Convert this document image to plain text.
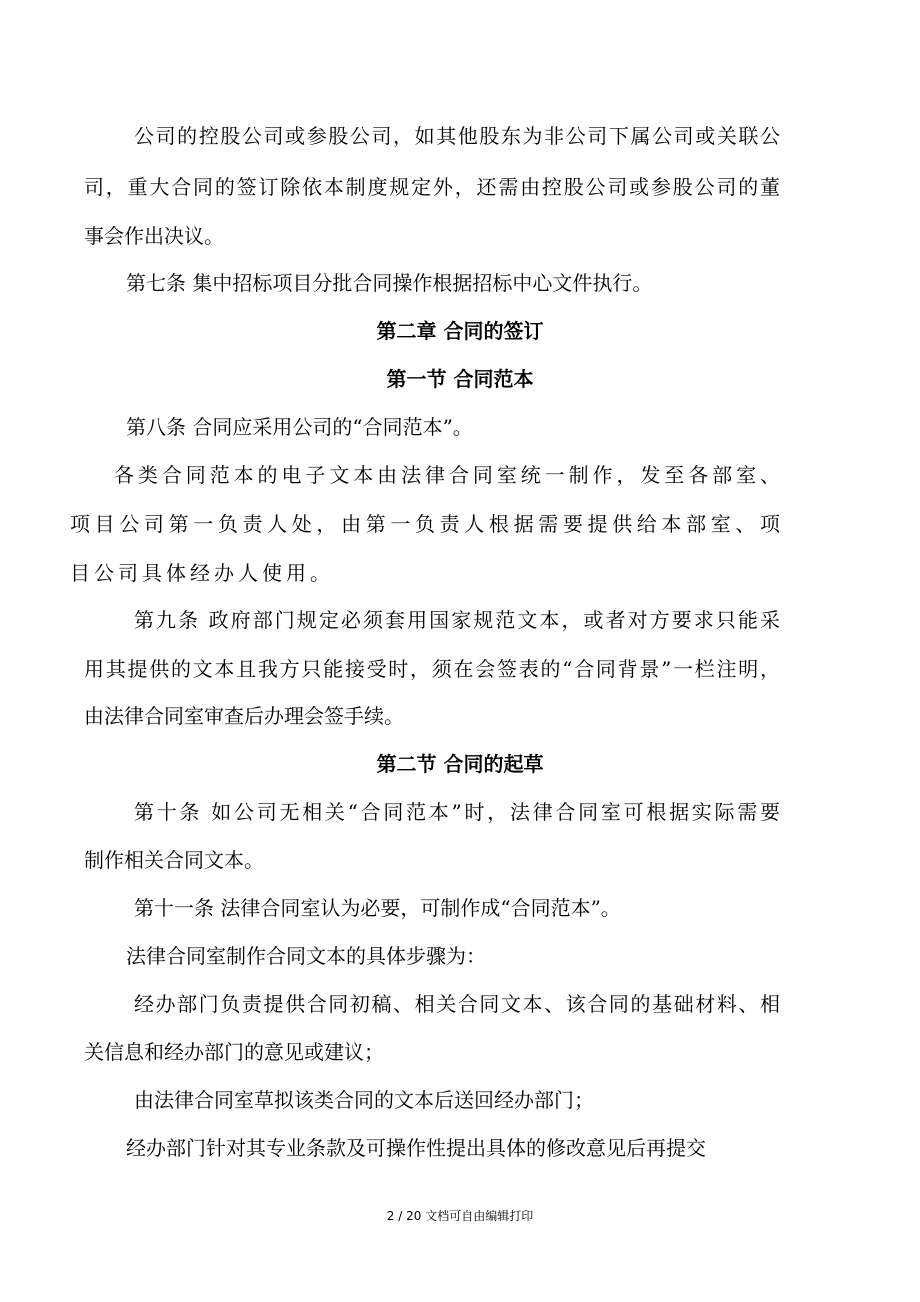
公司的控股公司或参股公司，如其他股东为非公司下属公司或关联公
司，重大合同的签订除依本制度规定外，还需由控股公司或参股公司的董
事会作出决议。
第七条 集中招标项目分批合同操作根据招标中心文件执行。
第二章 合同的签订
第一节 合同范本
第八条 合同应采用公司的“合同范本”。
各类合同范本的电子文本由法律合同室统一制作，发至各部室、
项目公司第一负责人处，由第一负责人根据需要提供给本部室、项
目公司具体经办人使用。
第九条 政府部门规定必须套用国家规范文本，或者对方要求只能采
用其提供的文本且我方只能接受时，须在会签表的“合同背景”一栏注明，
由法律合同室审查后办理会签手续。
第二节 合同的起草
第十条 如公司无相关“合同范本”时，法律合同室可根据实际需要
制作相关合同文本。
第十一条 法律合同室认为必要，可制作成“合同范本”。
法律合同室制作合同文本的具体步骤为：
经办部门负责提供合同初稿、相关合同文本、该合同的基础材料、相
关信息和经办部门的意见或建议；
由法律合同室草拟该类合同的文本后送回经办部门；
经办部门针对其专业条款及可操作性提出具体的修改意见后再提交
2 / 20 文档可自由编辑打印
